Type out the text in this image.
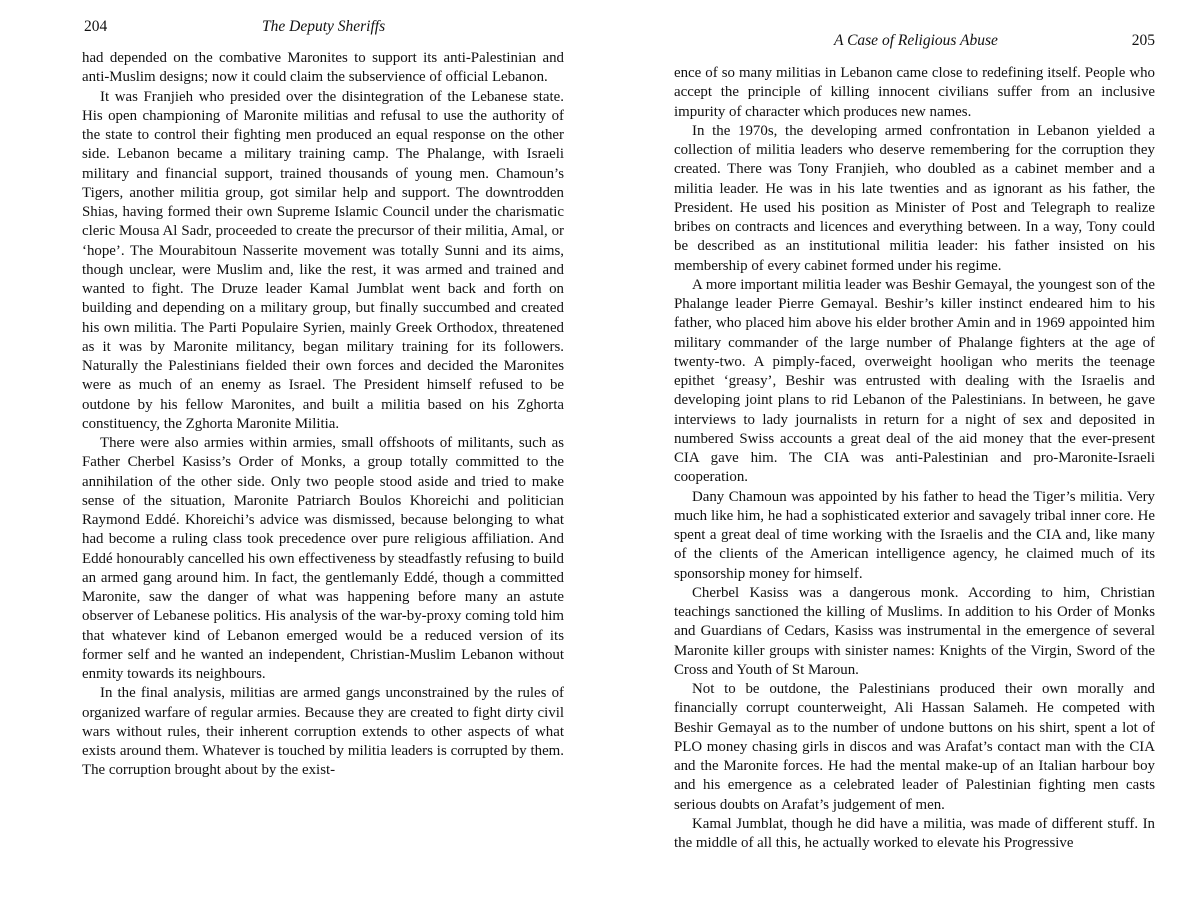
204	The Deputy Sheriffs

had depended on the combative Maronites to support its anti-Palestinian and anti-Muslim designs; now it could claim the subservience of official Lebanon.

It was Franjieh who presided over the disintegration of the Lebanese state. His open championing of Maronite militias and refusal to use the authority of the state to control their fighting men produced an equal response on the other side. Lebanon became a military training camp. The Phalange, with Israeli military and financial support, trained thousands of young men. Chamoun’s Tigers, another militia group, got similar help and support. The downtrodden Shias, having formed their own Supreme Islamic Council under the charismatic cleric Mousa Al Sadr, proceeded to create the precursor of their militia, Amal, or ‘hope’. The Mourabitoun Nasserite movement was totally Sunni and its aims, though unclear, were Muslim and, like the rest, it was armed and trained and wanted to fight. The Druze leader Kamal Jumblat went back and forth on building and depending on a military group, but finally succumbed and created his own militia. The Parti Populaire Syrien, mainly Greek Orthodox, threatened as it was by Maronite militancy, began military training for its followers. Naturally the Palestinians fielded their own forces and decided the Maronites were as much of an enemy as Israel. The President himself refused to be outdone by his fellow Maronites, and built a militia based on his Zghorta constituency, the Zghorta Maronite Militia.

There were also armies within armies, small offshoots of militants, such as Father Cherbel Kasiss’s Order of Monks, a group totally committed to the annihilation of the other side. Only two people stood aside and tried to make sense of the situation, Maronite Patriarch Boulos Khoreichi and politician Raymond Eddé. Khoreichi’s advice was dismissed, because belonging to what had become a ruling class took precedence over pure religious affiliation. And Eddé honourably cancelled his own effectiveness by steadfastly refusing to build an armed gang around him. In fact, the gentlemanly Eddé, though a committed Maronite, saw the danger of what was happening before many an astute observer of Lebanese politics. His analysis of the war-by-proxy coming told him that whatever kind of Lebanon emerged would be a reduced version of its former self and he wanted an independent, Christian-Muslim Lebanon without enmity towards its neighbours.

In the final analysis, militias are armed gangs unconstrained by the rules of organized warfare of regular armies. Because they are created to fight dirty civil wars without rules, their inherent corruption extends to other aspects of what exists around them. Whatever is touched by militia leaders is corrupted by them. The corruption brought about by the exist-

A Case of Religious Abuse	205

ence of so many militias in Lebanon came close to redefining itself. People who accept the principle of killing innocent civilians suffer from an inclusive impurity of character which produces new names.

In the 1970s, the developing armed confrontation in Lebanon yielded a collection of militia leaders who deserve remembering for the corruption they created. There was Tony Franjieh, who doubled as a cabinet member and a militia leader. He was in his late twenties and as ignorant as his father, the President. He used his position as Minister of Post and Telegraph to realize bribes on contracts and licences and everything between. In a way, Tony could be described as an institutional militia leader: his father insisted on his membership of every cabinet formed under his regime.

A more important militia leader was Beshir Gemayal, the youngest son of the Phalange leader Pierre Gemayal. Beshir’s killer instinct endeared him to his father, who placed him above his elder brother Amin and in 1969 appointed him military commander of the large number of Phalange fighters at the age of twenty-two. A pimply-faced, overweight hooligan who merits the teenage epithet ‘greasy’, Beshir was entrusted with dealing with the Israelis and developing joint plans to rid Lebanon of the Palestinians. In between, he gave interviews to lady journalists in return for a night of sex and deposited in numbered Swiss accounts a great deal of the aid money that the ever-present CIA gave him. The CIA was anti-Palestinian and pro-Maronite-Israeli cooperation.

Dany Chamoun was appointed by his father to head the Tiger’s militia. Very much like him, he had a sophisticated exterior and savagely tribal inner core. He spent a great deal of time working with the Israelis and the CIA and, like many of the clients of the American intelligence agency, he claimed much of its sponsorship money for himself.

Cherbel Kasiss was a dangerous monk. According to him, Christian teachings sanctioned the killing of Muslims. In addition to his Order of Monks and Guardians of Cedars, Kasiss was instrumental in the emergence of several Maronite killer groups with sinister names: Knights of the Virgin, Sword of the Cross and Youth of St Maroun.

Not to be outdone, the Palestinians produced their own morally and financially corrupt counterweight, Ali Hassan Salameh. He competed with Beshir Gemayal as to the number of undone buttons on his shirt, spent a lot of PLO money chasing girls in discos and was Arafat’s contact man with the CIA and the Maronite forces. He had the mental make-up of an Italian harbour boy and his emergence as a celebrated leader of Palestinian fighting men casts serious doubts on Arafat’s judgement of men.

Kamal Jumblat, though he did have a militia, was made of different stuff. In the middle of all this, he actually worked to elevate his Progressive
